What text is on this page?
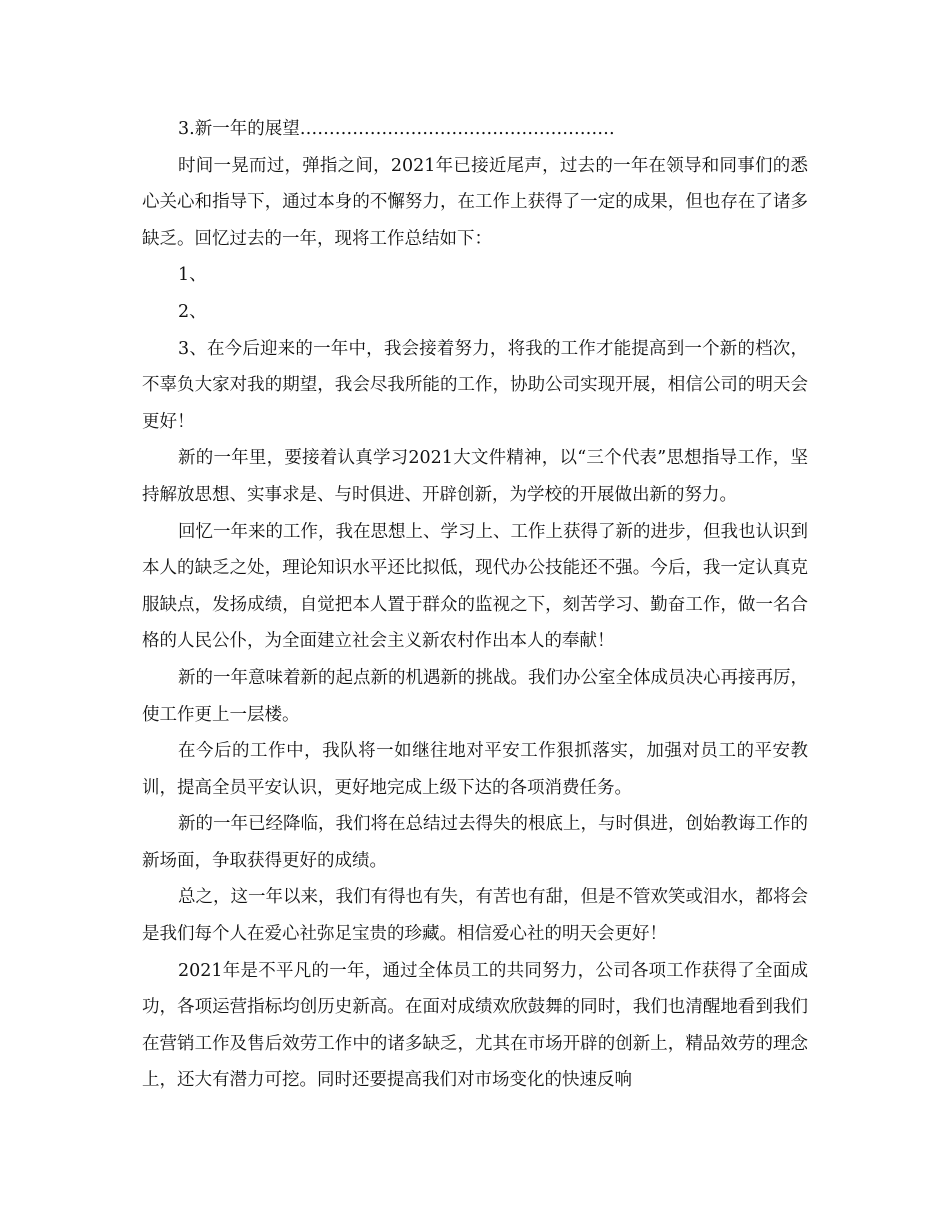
3.新一年的展望………………………………………………

时间一晃而过，弹指之间，2021年已接近尾声，过去的一年在领导和同事们的悉心关心和指导下，通过本身的不懈努力，在工作上获得了一定的成果，但也存在了诸多缺乏。回忆过去的一年，现将工作总结如下：

1、

2、

3、在今后迎来的一年中，我会接着努力，将我的工作才能提高到一个新的档次，不辜负大家对我的期望，我会尽我所能的工作，协助公司实现开展，相信公司的明天会更好！

新的一年里，要接着认真学习2021大文件精神，以“三个代表”思想指导工作，坚持解放思想、实事求是、与时俱进、开辟创新，为学校的开展做出新的努力。

回忆一年来的工作，我在思想上、学习上、工作上获得了新的进步，但我也认识到本人的缺乏之处，理论知识水平还比拟低，现代办公技能还不强。今后，我一定认真克服缺点，发扬成绩，自觉把本人置于群众的监视之下，刻苦学习、勤奋工作，做一名合格的人民公仆，为全面建立社会主义新农村作出本人的奉献！

新的一年意味着新的起点新的机遇新的挑战。我们办公室全体成员决心再接再厉，使工作更上一层楼。

在今后的工作中，我队将一如继往地对平安工作狠抓落实，加强对员工的平安教训，提高全员平安认识，更好地完成上级下达的各项消费任务。

新的一年已经降临，我们将在总结过去得失的根底上，与时俱进，创始教诲工作的新场面，争取获得更好的成绩。

总之，这一年以来，我们有得也有失，有苦也有甜，但是不管欢笑或泪水，都将会是我们每个人在爱心社弥足宝贵的珍藏。相信爱心社的明天会更好！

2021年是不平凡的一年，通过全体员工的共同努力，公司各项工作获得了全面成功，各项运营指标均创历史新高。在面对成绩欢欣鼓舞的同时，我们也清醒地看到我们在营销工作及售后效劳工作中的诸多缺乏，尤其在市场开辟的创新上，精品效劳的理念上，还大有潜力可挖。同时还要提高我们对市场变化的快速反响
